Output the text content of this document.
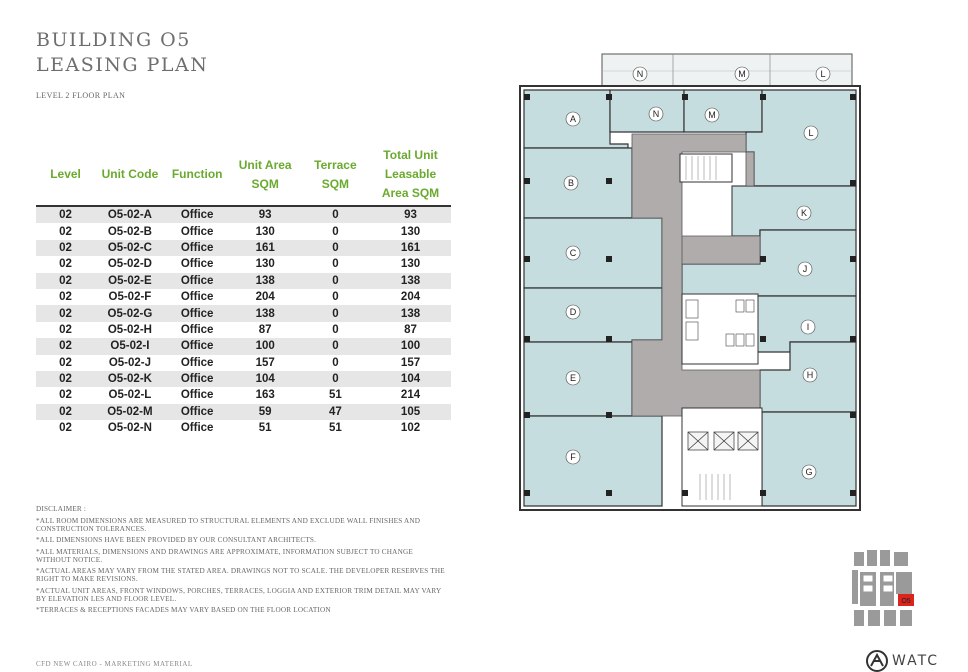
BUILDING O5
LEASING PLAN
LEVEL 2 FLOOR PLAN
Level	Unit Code	Function	Unit Area SQM	Terrace SQM	Total Unit Leasable Area SQM
02	O5-02-A	Office	93	0	93
02	O5-02-B	Office	130	0	130
02	O5-02-C	Office	161	0	161
02	O5-02-D	Office	130	0	130
02	O5-02-E	Office	138	0	138
02	O5-02-F	Office	204	0	204
02	O5-02-G	Office	138	0	138
02	O5-02-H	Office	87	0	87
02	O5-02-I	Office	100	0	100
02	O5-02-J	Office	157	0	157
02	O5-02-K	Office	104	0	104
02	O5-02-L	Office	163	51	214
02	O5-02-M	Office	59	47	105
02	O5-02-N	Office	51	51	102

DISCLAIMER :

*ALL ROOM DIMENSIONS ARE MEASURED TO STRUCTURAL ELEMENTS AND EXCLUDE WALL FINISHES AND CONSTRUCTION TOLERANCES.

*ALL DIMENSIONS HAVE BEEN PROVIDED BY OUR CONSULTANT ARCHITECTS.

*ALL MATERIALS, DIMENSIONS AND DRAWINGS ARE APPROXIMATE, INFORMATION SUBJECT TO CHANGE WITHOUT NOTICE.

*ACTUAL AREAS MAY VARY FROM THE STATED AREA. DRAWINGS NOT TO SCALE. THE DEVELOPER RESERVES THE RIGHT TO MAKE REVISIONS.

*ACTUAL UNIT AREAS, FRONT WINDOWS, PORCHES, TERRACES, LOGGIA AND EXTERIOR TRIM DETAIL MAY VARY BY ELEVATION LES AND FLOOR LEVEL.

*TERRACES & RECEPTIONS FACADES MAY VARY BASED ON THE FLOOR LOCATION

N	M	L
A	N	M
L
B
K
C
J
D
I
E	H
F
G
O5
CFD NEW CAIRO - MARKETING MATERIAL	WATC
